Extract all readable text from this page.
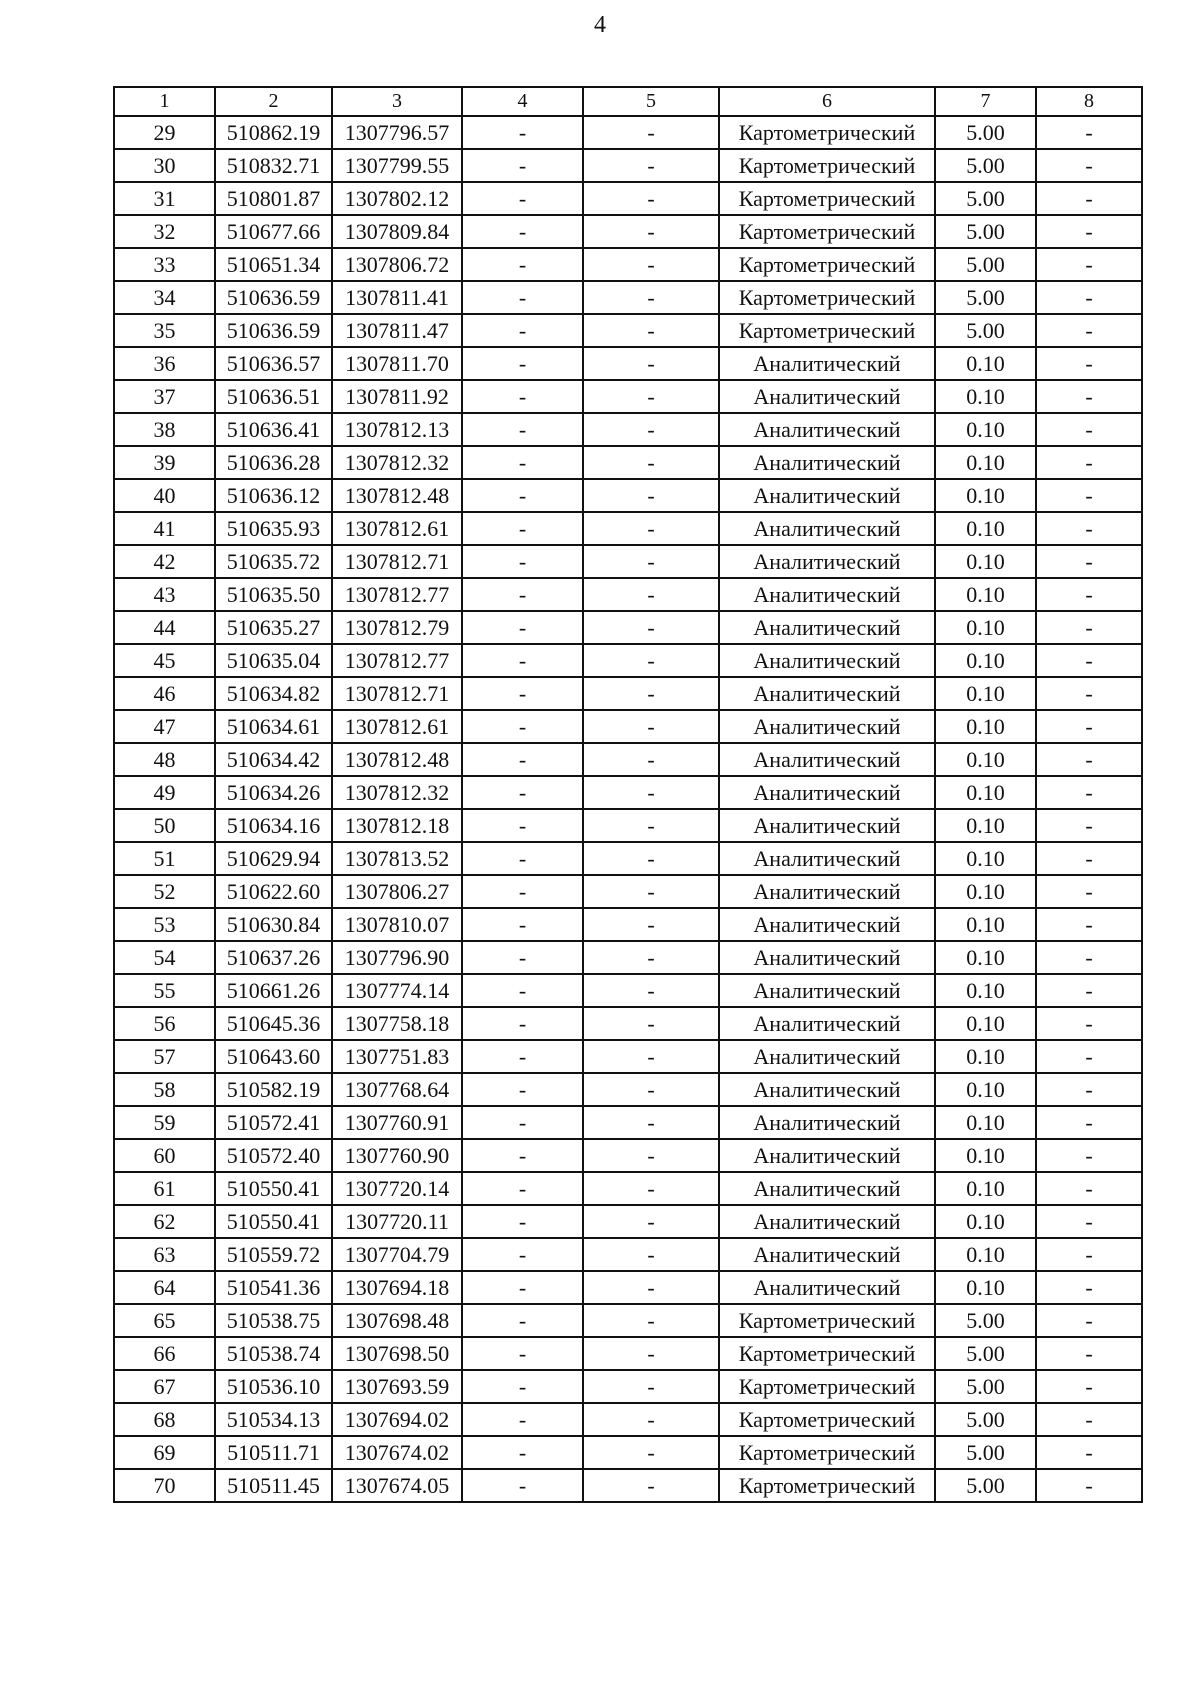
4
1	2	3	4	5	6	7	8
29	510862.19	1307796.57	-	-	Картометрический	5.00	-
30	510832.71	1307799.55	-	-	Картометрический	5.00	-
31	510801.87	1307802.12	-	-	Картометрический	5.00	-
32	510677.66	1307809.84	-	-	Картометрический	5.00	-
33	510651.34	1307806.72	-	-	Картометрический	5.00	-
34	510636.59	1307811.41	-	-	Картометрический	5.00	-
35	510636.59	1307811.47	-	-	Картометрический	5.00	-
36	510636.57	1307811.70	-	-	Аналитический	0.10	-
37	510636.51	1307811.92	-	-	Аналитический	0.10	-
38	510636.41	1307812.13	-	-	Аналитический	0.10	-
39	510636.28	1307812.32	-	-	Аналитический	0.10	-
40	510636.12	1307812.48	-	-	Аналитический	0.10	-
41	510635.93	1307812.61	-	-	Аналитический	0.10	-
42	510635.72	1307812.71	-	-	Аналитический	0.10	-
43	510635.50	1307812.77	-	-	Аналитический	0.10	-
44	510635.27	1307812.79	-	-	Аналитический	0.10	-
45	510635.04	1307812.77	-	-	Аналитический	0.10	-
46	510634.82	1307812.71	-	-	Аналитический	0.10	-
47	510634.61	1307812.61	-	-	Аналитический	0.10	-
48	510634.42	1307812.48	-	-	Аналитический	0.10	-
49	510634.26	1307812.32	-	-	Аналитический	0.10	-
50	510634.16	1307812.18	-	-	Аналитический	0.10	-
51	510629.94	1307813.52	-	-	Аналитический	0.10	-
52	510622.60	1307806.27	-	-	Аналитический	0.10	-
53	510630.84	1307810.07	-	-	Аналитический	0.10	-
54	510637.26	1307796.90	-	-	Аналитический	0.10	-
55	510661.26	1307774.14	-	-	Аналитический	0.10	-
56	510645.36	1307758.18	-	-	Аналитический	0.10	-
57	510643.60	1307751.83	-	-	Аналитический	0.10	-
58	510582.19	1307768.64	-	-	Аналитический	0.10	-
59	510572.41	1307760.91	-	-	Аналитический	0.10	-
60	510572.40	1307760.90	-	-	Аналитический	0.10	-
61	510550.41	1307720.14	-	-	Аналитический	0.10	-
62	510550.41	1307720.11	-	-	Аналитический	0.10	-
63	510559.72	1307704.79	-	-	Аналитический	0.10	-
64	510541.36	1307694.18	-	-	Аналитический	0.10	-
65	510538.75	1307698.48	-	-	Картометрический	5.00	-
66	510538.74	1307698.50	-	-	Картометрический	5.00	-
67	510536.10	1307693.59	-	-	Картометрический	5.00	-
68	510534.13	1307694.02	-	-	Картометрический	5.00	-
69	510511.71	1307674.02	-	-	Картометрический	5.00	-
70	510511.45	1307674.05	-	-	Картометрический	5.00	-
